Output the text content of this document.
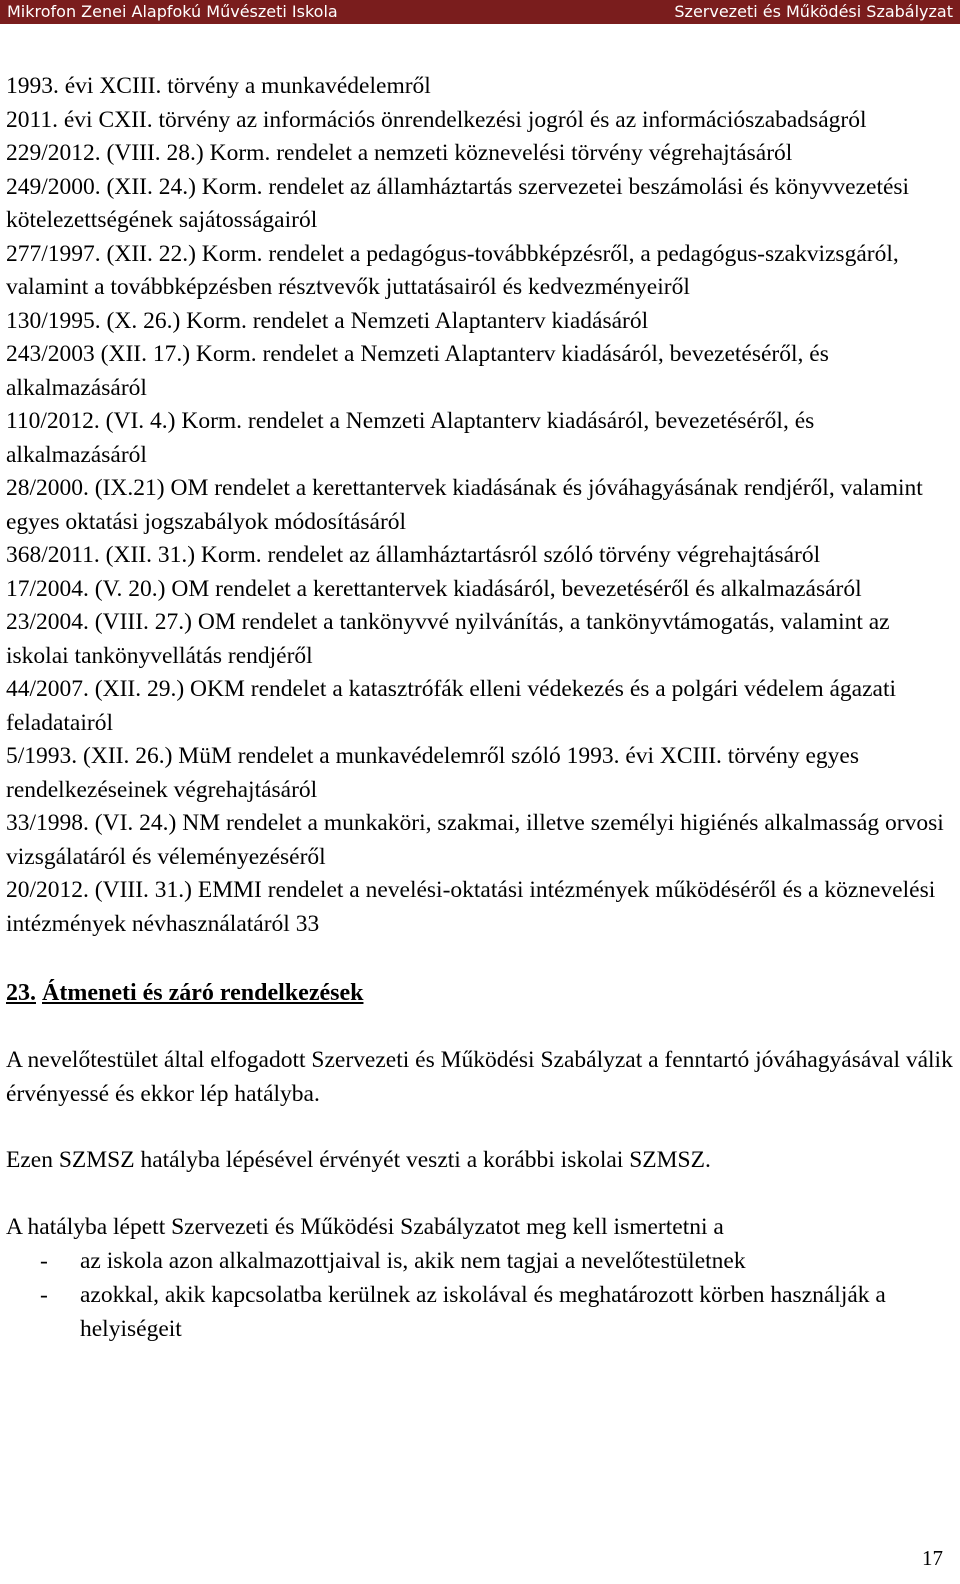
Mikrofon Zenei Alapfokú Művészeti Iskola	Szervezeti és Működési Szabályzat

1993. évi XCIII. törvény a munkavédelemről

2011. évi CXII. törvény az információs önrendelkezési jogról és az információszabadságról

229/2012. (VIII. 28.) Korm. rendelet a nemzeti köznevelési törvény végrehajtásáról

249/2000. (XII. 24.) Korm. rendelet az államháztartás szervezetei beszámolási és könyvvezetési kötelezettségének sajátosságairól

277/1997. (XII. 22.) Korm. rendelet a pedagógus-továbbképzésről, a pedagógus-szakvizsgáról, valamint a továbbképzésben résztvevők juttatásairól és kedvezményeiről

130/1995. (X. 26.) Korm. rendelet a Nemzeti Alaptanterv kiadásáról

243/2003 (XII. 17.) Korm. rendelet a Nemzeti Alaptanterv kiadásáról, bevezetéséről, és alkalmazásáról

110/2012. (VI. 4.) Korm. rendelet a Nemzeti Alaptanterv kiadásáról, bevezetéséről, és alkalmazásáról

28/2000. (IX.21) OM rendelet a kerettantervek kiadásának és jóváhagyásának rendjéről, valamint egyes oktatási jogszabályok módosításáról

368/2011. (XII. 31.) Korm. rendelet az államháztartásról szóló törvény végrehajtásáról

17/2004. (V. 20.) OM rendelet a kerettantervek kiadásáról, bevezetéséről és alkalmazásáról

23/2004. (VIII. 27.) OM rendelet a tankönyvvé nyilvánítás, a tankönyvtámogatás, valamint az iskolai tankönyvellátás rendjéről

44/2007. (XII. 29.) OKM rendelet a katasztrófák elleni védekezés és a polgári védelem ágazati feladatairól

5/1993. (XII. 26.) MüM rendelet a munkavédelemről szóló 1993. évi XCIII. törvény egyes rendelkezéseinek végrehajtásáról

33/1998. (VI. 24.) NM rendelet a munkaköri, szakmai, illetve személyi higiénés alkalmasság orvosi vizsgálatáról és véleményezéséről

20/2012. (VIII. 31.) EMMI rendelet a nevelési-oktatási intézmények működéséről és a köznevelési intézmények névhasználatáról 33

23. Átmeneti és záró rendelkezések

A nevelőtestület által elfogadott Szervezeti és Működési Szabályzat a fenntartó jóváhagyásával válik érvényessé és ekkor lép hatályba.

Ezen SZMSZ hatályba lépésével érvényét veszti a korábbi iskolai SZMSZ.

A hatályba lépett Szervezeti és Működési Szabályzatot meg kell ismertetni a

- az iskola azon alkalmazottjaival is, akik nem tagjai a nevelőtestületnek
- azokkal, akik kapcsolatba kerülnek az iskolával és meghatározott körben használják a helyiségeit
17
